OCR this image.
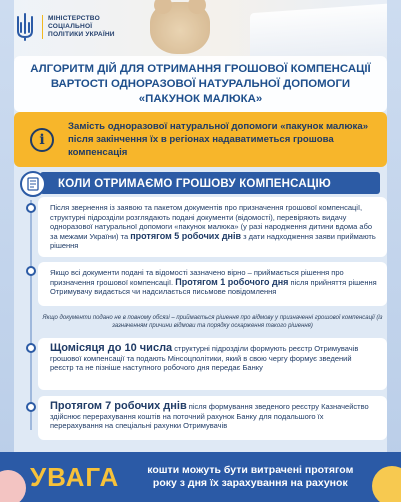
МІНІСТЕРСТВО СОЦІАЛЬНОЇ ПОЛІТИКИ УКРАЇНИ
АЛГОРИТМ ДІЙ ДЛЯ ОТРИМАННЯ ГРОШОВОЇ КОМПЕНСАЦІЇ ВАРТОСТІ ОДНОРАЗОВОЇ НАТУРАЛЬНОЇ ДОПОМОГИ «ПАКУНОК МАЛЮКА»
i
Замість одноразової натуральної допомоги «пакунок малюка» після закінчення їх в регіонах надаватиметься грошова компенсація
КОЛИ ОТРИМАЄМО ГРОШОВУ КОМПЕНСАЦІЮ
Після звернення із заявою та пакетом документів про призначення грошової компенсації, структурні підрозділи розглядають подані документи (відомості), перевіряють видачу одноразової натуральної допомоги «пакунок малюка» (у разі народження дитини вдома або за межами України) та протягом 5 робочих днів з дати надходження заяви приймають рішення
Якщо всі документи подані та відомості зазначено вірно – приймається рішення про призначення грошової компенсації. Протягом 1 робочого дня після прийняття рішення Отримувачу видається чи надсилається письмове повідомлення
Якщо документи подано не в повному обсязі – приймається рішення про відмову у призначенні грошової компенсації (із зазначенням причини відмови та порядку оскарження такого рішення)
Щомісяця до 10 числа структурні підрозділи формують реєстр Отримувачів грошової компенсації та подають Мінсоцполітики, який в свою чергу формує зведений реєстр та не пізніше наступного робочого дня передає Банку
Протягом 7 робочих днів після формування зведеного реєстру Казначейство здійснює перерахування коштів на поточний рахунок Банку для подальшого їх перерахування на спеціальні рахунки Отримувачів
УВАГА	кошти можуть бути витрачені протягом року з дня їх зарахування на рахунок
